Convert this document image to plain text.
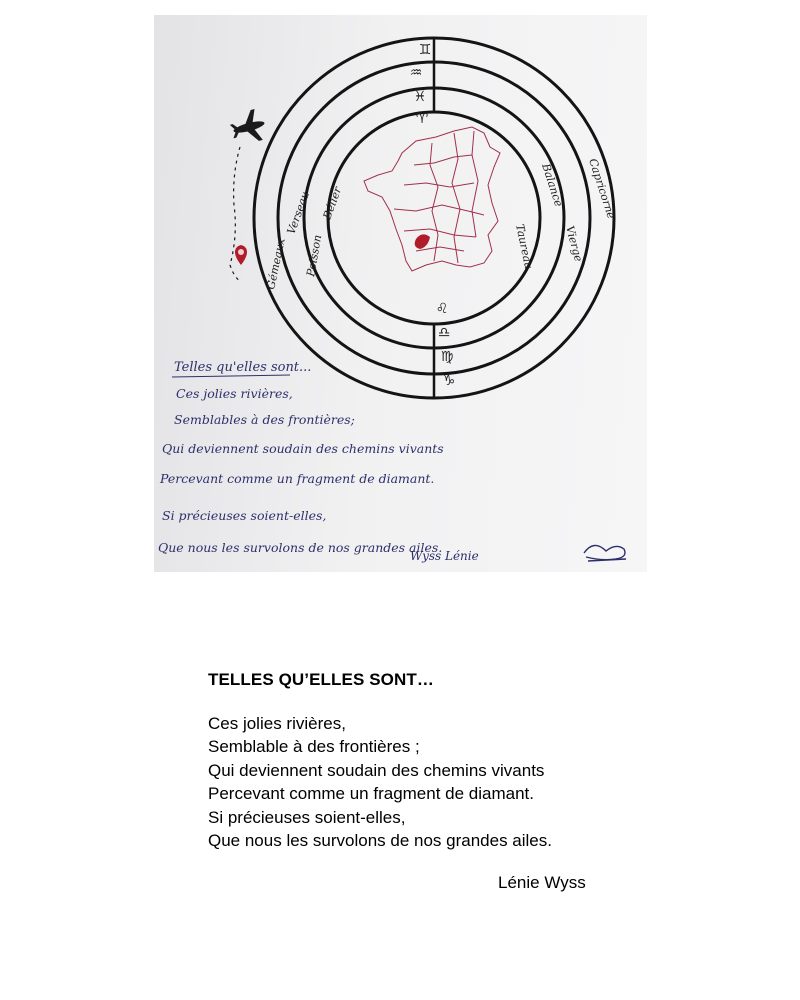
♊
♒
♓
♈
♌
♎
♍
♑
Gémeaux
Verseau
Poisson
Bélier	Capricorne
Vierge
Balance
Taureau
Telles qu'elles sont...
Ces jolies rivières,
Semblables à des frontières;
Qui deviennent soudain des chemins vivants
Percevant comme un fragment de diamant.
Si précieuses soient-elles,
Que nous les survolons de nos grandes ailes.
Wyss Lénie
TELLES QU’ELLES SONT…
Ces jolies rivières,
Semblable à des frontières ;
Qui deviennent soudain des chemins vivants
Percevant comme un fragment de diamant.
Si précieuses soient-elles,
Que nous les survolons de nos grandes ailes.
Lénie Wyss
